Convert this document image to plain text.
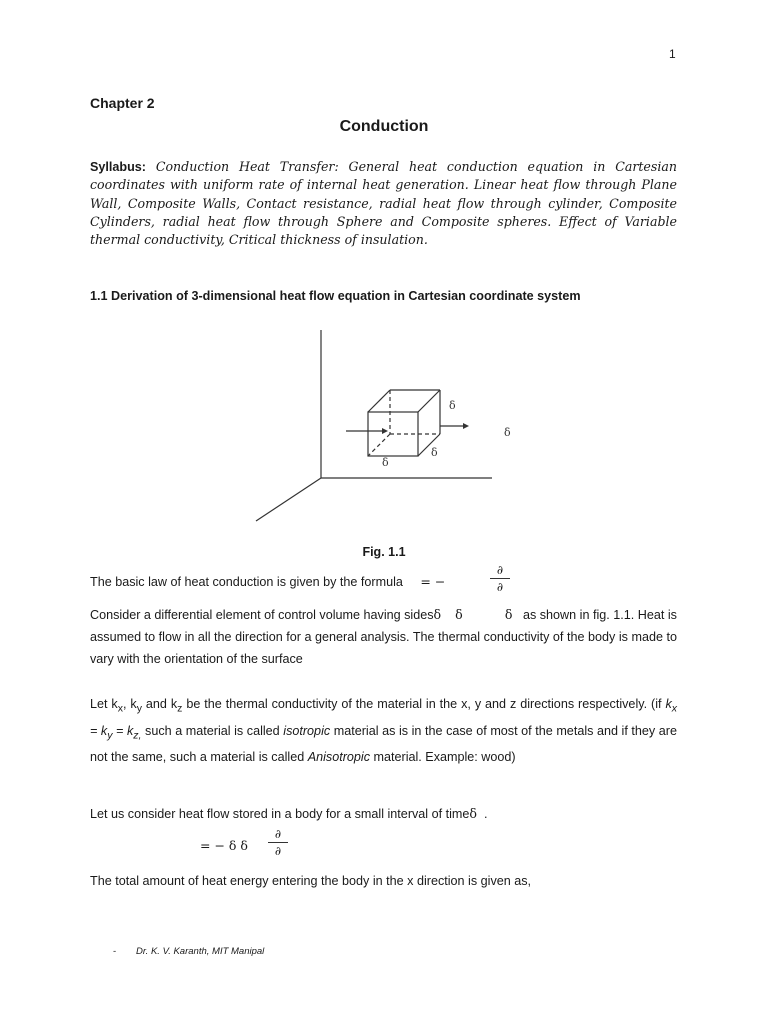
1
Chapter 2
Conduction
Syllabus: Conduction Heat Transfer: General heat conduction equation in Cartesian coordinates with uniform rate of internal heat generation. Linear heat flow through Plane Wall, Composite Walls, Contact resistance, radial heat flow through cylinder, Composite Cylinders, radial heat flow through Sphere and Composite spheres. Effect of Variable thermal conductivity, Critical thickness of insulation.
1.1 Derivation of 3-dimensional heat flow equation in Cartesian coordinate system
δ
δ
δ
δ
Fig. 1.1
The basic law of heat conduction is given by the formula = −
∂
∂
Consider a differential element of control volume having sidesδ δ	δ as shown in fig. 1.1. Heat is assumed to flow in all the direction for a general analysis. The thermal conductivity of the body is made to vary with the orientation of the surface
Let $k_x$, $k_y$ and $k_z$ be the thermal conductivity of the material in the x, y and z directions respectively. (if $k_x = k_y = k_{z,}$ such a material is called isotropic material as is in the case of most of the metals and if they are not the same, such a material is called Anisotropic material. Example: wood)
Let us consider heat flow stored in a body for a small interval of timeδ .
= − δ δ
∂
∂
The total amount of heat energy entering the body in the x direction is given as,
- Dr. K. V. Karanth, MIT Manipal
